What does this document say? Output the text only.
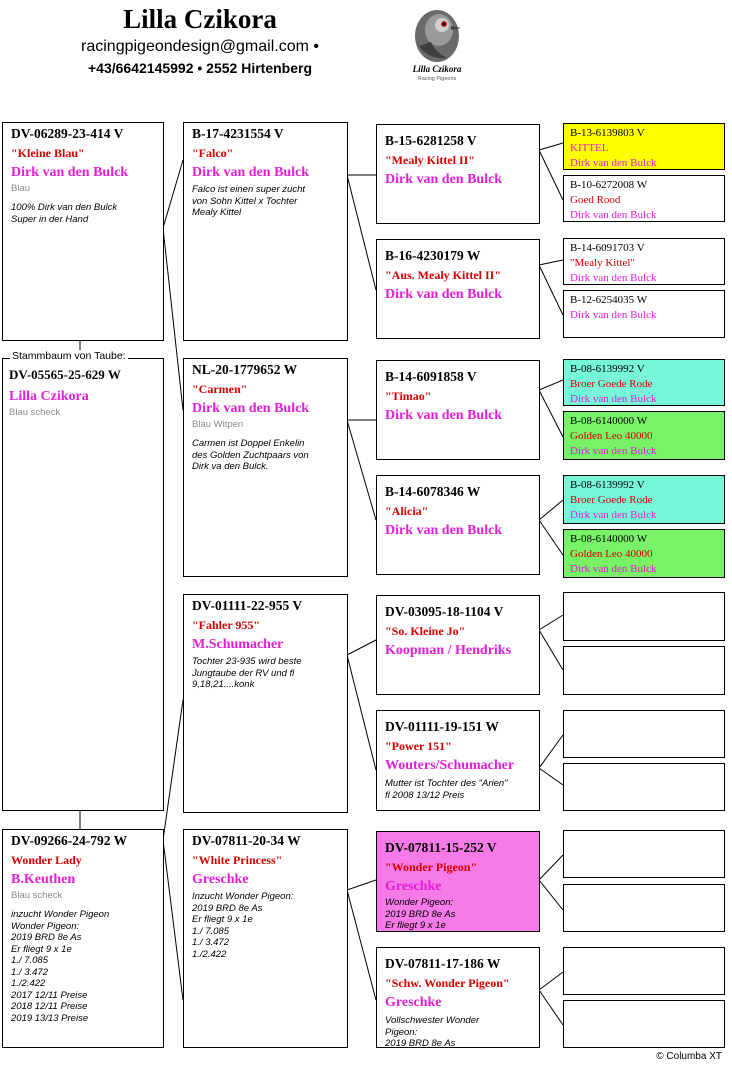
Lilla Czikora
racingpigeondesign@gmail.com •
+43/6642145992 • 2552 Hirtenberg	Lilla Czikora
Racing Pigeons
DV-06289-23-414 V
"Kleine Blau"
Dirk van den Bulck
Blau
100% Dirk van den Bulck
Super in der Hand
DV-05565-25-629 W
Lilla Czikora
Blau scheck
Stammbaum von Taube:
DV-09266-24-792 W
Wonder Lady
B.Keuthen
Blau scheck
inzucht Wonder Pigeon
Wonder Pigeon:
2019 BRD 8e As
Er fliegt 9 x 1e
1./ 7.085
1./ 3.472
1./2.422
2017 12/11 Preise
2018 12/11 Preise
2019 13/13 Preise
B-17-4231554 V
"Falco"
Dirk van den Bulck
Falco ist einen super zucht
von Sohn Kittel x Tochter
Mealy Kittel
NL-20-1779652 W
"Carmen"
Dirk van den Bulck
Blau Witpen
Carmen ist Doppel Enkelin
des Golden Zuchtpaars von
Dirk va den Bulck.
DV-01111-22-955 V
"Fahler 955"
M.Schumacher
Tochter 23-935 wird beste
Jungtaube der RV und fl
9,18,21....konk
DV-07811-20-34 W
"White Princess"
Greschke
Inzucht Wonder Pigeon:
2019 BRD 8e As
Er fliegt 9 x 1e
1./ 7.085
1./ 3.472
1./2.422
B-15-6281258 V
"Mealy Kittel II"
Dirk van den Bulck
B-16-4230179 W
"Aus. Mealy Kittel II"
Dirk van den Bulck
B-14-6091858 V
"Timao"
Dirk van den Bulck
B-14-6078346 W
"Alicia"
Dirk van den Bulck
DV-03095-18-1104 V
"So. Kleine Jo"
Koopman / Hendriks
DV-01111-19-151 W
"Power 151"
Wouters/Schumacher
Mutter ist Tochter des "Arien"
fl 2008 13/12 Preis
DV-07811-15-252 V
"Wonder Pigeon"
Greschke
Wonder Pigeon:
2019 BRD 8e As
Er fliegt 9 x 1e
DV-07811-17-186 W
"Schw. Wonder Pigeon"
Greschke
Vollschwester Wonder
Pigeon:
2019 BRD 8e As
B-13-6139803 V
KITTEL
Dirk van den Bulck
B-10-6272008 W
Goed Rood
Dirk van den Bulck
B-14-6091703 V
"Mealy Kittel"
Dirk van den Bulck
B-12-6254035 W
Dirk van den Bulck
B-08-6139992 V
Broer Goede Rode
Dirk van den Bulck
B-08-6140000 W
Golden Leo 40000
Dirk van den Bulck
B-08-6139992 V
Broer Goede Rode
Dirk van den Bulck
B-08-6140000 W
Golden Leo 40000
Dirk van den Bulck
© Columba XT
